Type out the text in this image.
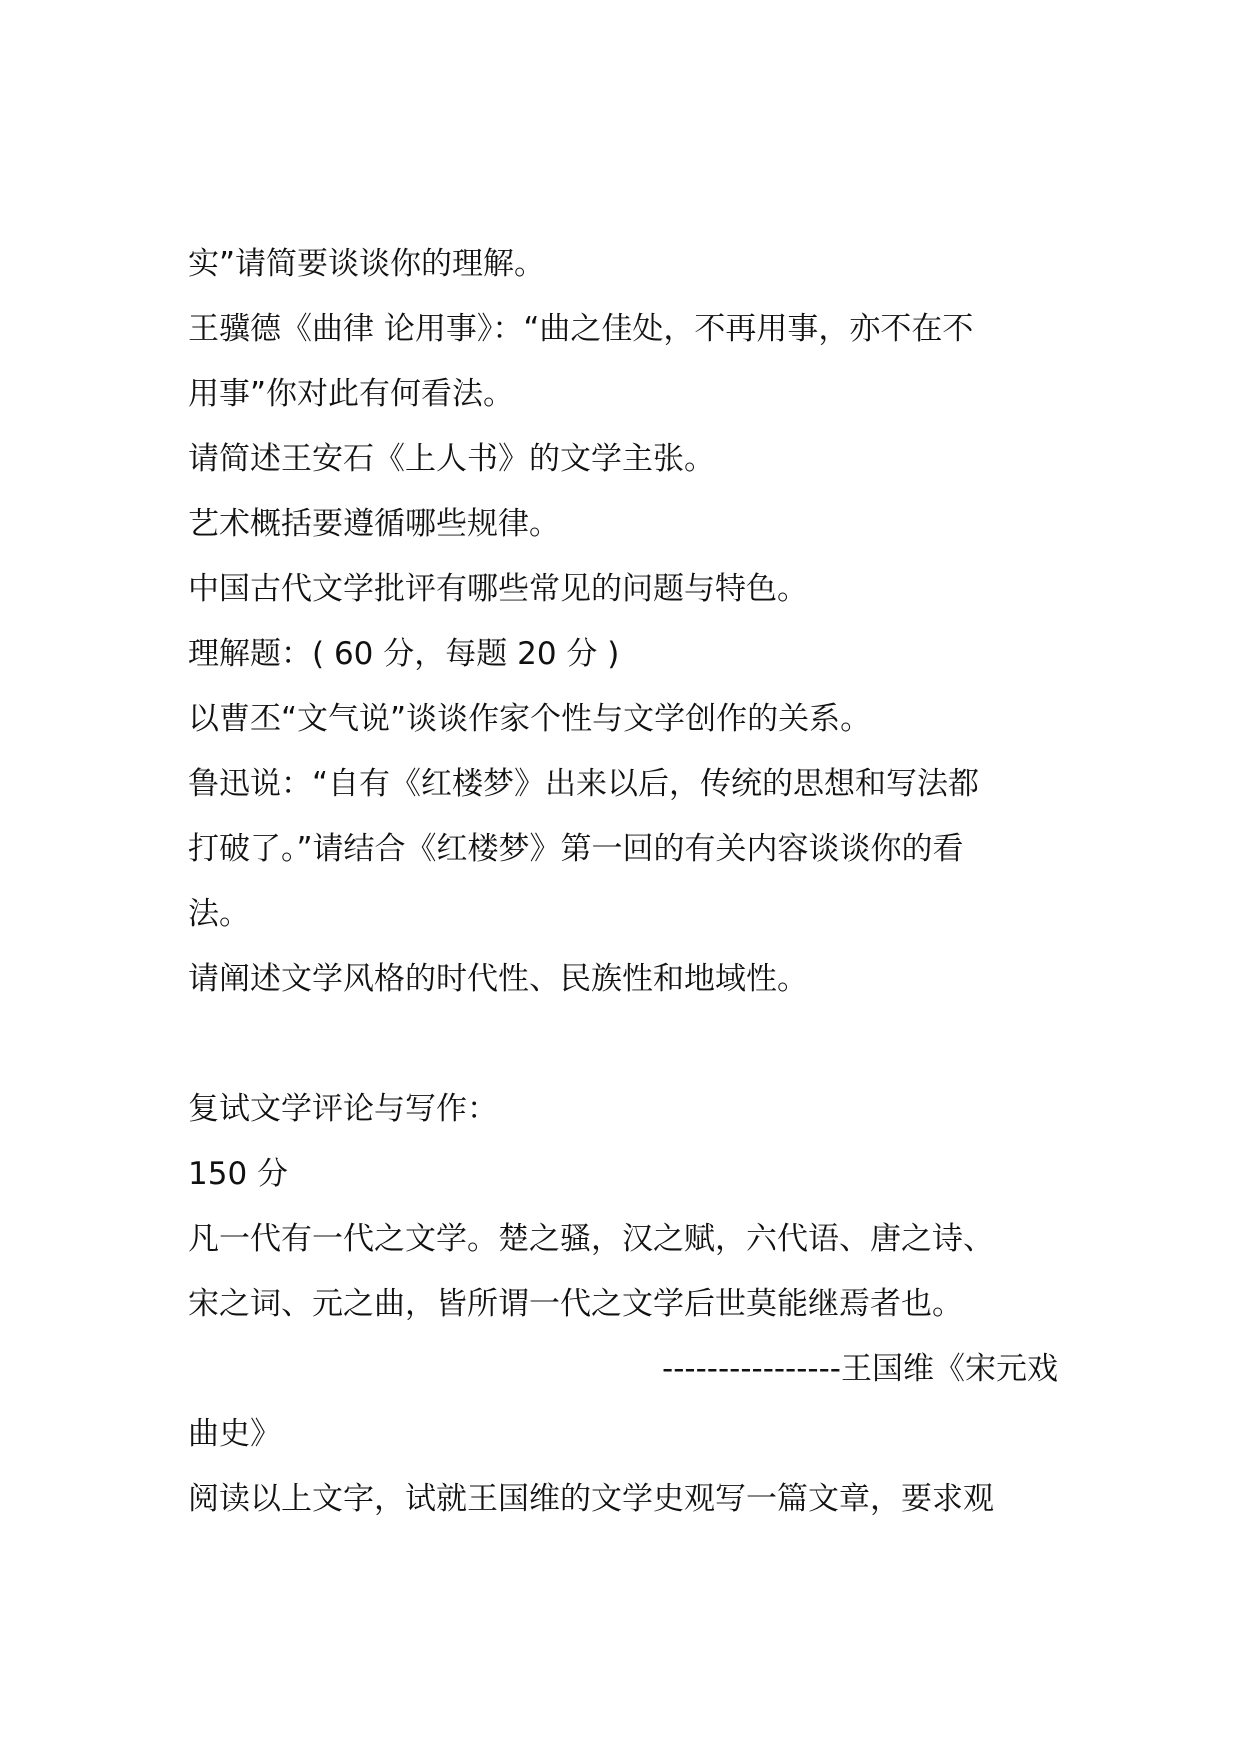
实”请简要谈谈你的理解。
王骥德《曲律 论用事》：“曲之佳处，不再用事，亦不在不
用事”你对此有何看法。
请简述王安石《上人书》的文学主张。
艺术概括要遵循哪些规律。
中国古代文学批评有哪些常见的问题与特色。
理解题：( 60 分，每题 20 分 )
以曹丕“文气说”谈谈作家个性与文学创作的关系。
鲁迅说：“自有《红楼梦》出来以后，传统的思想和写法都
打破了。”请结合《红楼梦》第一回的有关内容谈谈你的看
法。
请阐述文学风格的时代性、民族性和地域性。
复试文学评论与写作：
150 分
凡一代有一代之文学。楚之骚，汉之赋，六代语、唐之诗、
宋之词、元之曲，皆所谓一代之文学后世莫能继焉者也。
----------------王国维《宋元戏
曲史》
阅读以上文字，试就王国维的文学史观写一篇文章，要求观
